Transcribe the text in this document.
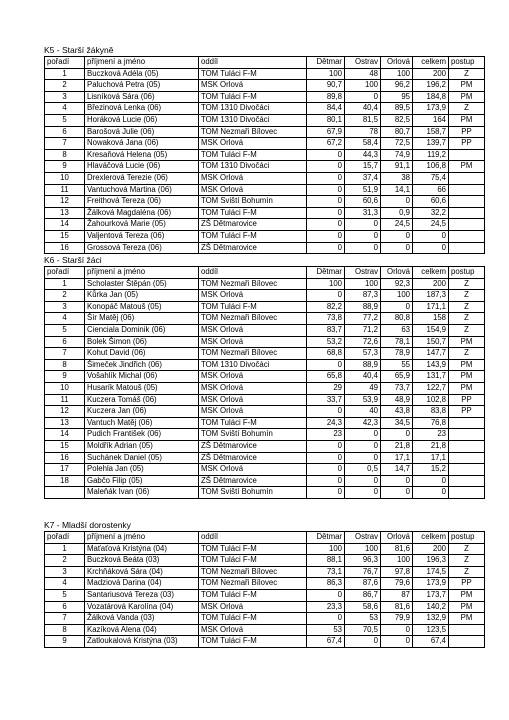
K5 - Starší žákyně
pořadí	příjmení a jméno	oddíl	Dětmar	Ostrav	Orlová	celkem	postup
1	Buczková Adéla (05)	TOM Tuláci F-M	100	48	100	200	Z
2	Paluchová Petra (05)	MSK Orlová	90,7	100	96,2	196,2	PM
3	Lisníková Sára (06)	TOM Tuláci F-M	89,8	0	95	184,8	PM
4	Březinová Lenka (06)	TOM 1310 Divočáci	84,4	40,4	89,5	173,9	Z
5	Horáková Lucie (06)	TOM 1310 Divočáci	80,1	81,5	82,5	164	PM
6	Barošová Julie (06)	TOM Nezmaři Bílovec	67,9	78	80,7	158,7	PP
7	Nowaková Jana (06)	MSK Orlová	67,2	58,4	72,5	139,7	PP
8	Kresaňová Helena (05)	TOM Tuláci F-M	0	44,3	74,9	119,2	
9	Hlaváčová Lucie (06)	TOM 1310 Divočáci	0	15,7	91,1	106,8	PM
10	Drexlerová Terezie (06)	MSK Orlová	0	37,4	38	75,4	
11	Vantuchová Martina (06)	MSK Orlová	0	51,9	14,1	66	
12	Freithová Tereza (06)	TOM Sviští Bohumín	0	60,6	0	60,6	
13	Žálková Magdaléna (06)	TOM Tuláci F-M	0	31,3	0,9	32,2	
14	Žahourková Marie (05)	ZŠ Dětmarovice	0	0	24,5	24,5	
15	Valjentová Tereza (06)	TOM Tuláci F-M	0	0	0	0	
16	Grossová Tereza (06)	ZŠ Dětmarovice	0	0	0	0	
K6 - Starší žáci
pořadí	příjmení a jméno	oddíl	Dětmar	Ostrav	Orlová	celkem	postup
1	Scholaster Štěpán (05)	TOM Nezmaři Bílovec	100	100	92,3	200	Z
2	Kůrka Jan (05)	MSK Orlová	0	87,3	100	187,3	Z
3	Konopáč Matouš (05)	TOM Tuláci F-M	82,2	88,9	0	171,1	Z
4	Šír Matěj (06)	TOM Nezmaři Bílovec	73,8	77,2	80,8	158	Z
5	Cienciala Dominik (06)	MSK Orlová	83,7	71,2	63	154,9	Z
6	Bolek Šimon (06)	MSK Orlová	53,2	72,6	78,1	150,7	PM
7	Kohut David (06)	TOM Nezmaři Bílovec	68,8	57,3	78,9	147,7	Z
8	Šimeček Jindřich (06)	TOM 1310 Divočáci	0	88,9	55	143,9	PM
9	Vošahlík Michal (06)	MSK Orlová	65,8	40,4	65,9	131,7	PM
10	Husarík Matouš (05)	MSK Orlová	29	49	73,7	122,7	PM
11	Kuczera Tomáš (06)	MSK Orlová	33,7	53,9	48,9	102,8	PP
12	Kuczera Jan (06)	MSK Orlová	0	40	43,8	83,8	PP
13	Vantuch Matěj (06)	TOM Tuláci F-M	24,3	42,3	34,5	76,8	
14	Pudich František (06)	TOM Sviští Bohumín	23	0	0	23	
15	Moldřík Adrian (05)	ZŠ Dětmarovice	0	0	21,8	21,8	
16	Suchánek Daniel (05)	ZŠ Dětmarovice	0	0	17,1	17,1	
17	Polehla Jan (05)	MSK Orlová	0	0,5	14,7	15,2	
18	Gabčo Filip (05)	ZŠ Dětmarovice	0	0	0	0	
	Maleňák Ivan (06)	TOM Sviští Bohumín	0	0	0	0	
K7 - Mladší dorostenky
pořadí	příjmení a jméno	oddíl	Dětmar	Ostrav	Orlová	celkem	postup
1	Maťaťová Kristýna (04)	TOM Tuláci F-M	100	100	81,6	200	Z
2	Buczková Beáta (03)	TOM Tuláci F-M	88,1	96,3	100	196,3	Z
3	Krchňáková Sára (04)	TOM Nezmaři Bílovec	73,1	76,7	97,8	174,5	Z
4	Madziová Darina (04)	TOM Nezmaři Bílovec	86,3	87,6	79,6	173,9	PP
5	Santariusová Tereza (03)	TOM Tuláci F-M	0	86,7	87	173,7	PM
6	Vozatárová Karolína (04)	MSK Orlová	23,3	58,6	81,6	140,2	PM
7	Žálková Vanda (03)	TOM Tuláci F-M	0	53	79,9	132,9	PM
8	Kazíková Alena (04)	MSK Orlová	53	70,5	0	123,5	
9	Zatloukalová Kristýna (03)	TOM Tuláci F-M	67,4	0	0	67,4	
